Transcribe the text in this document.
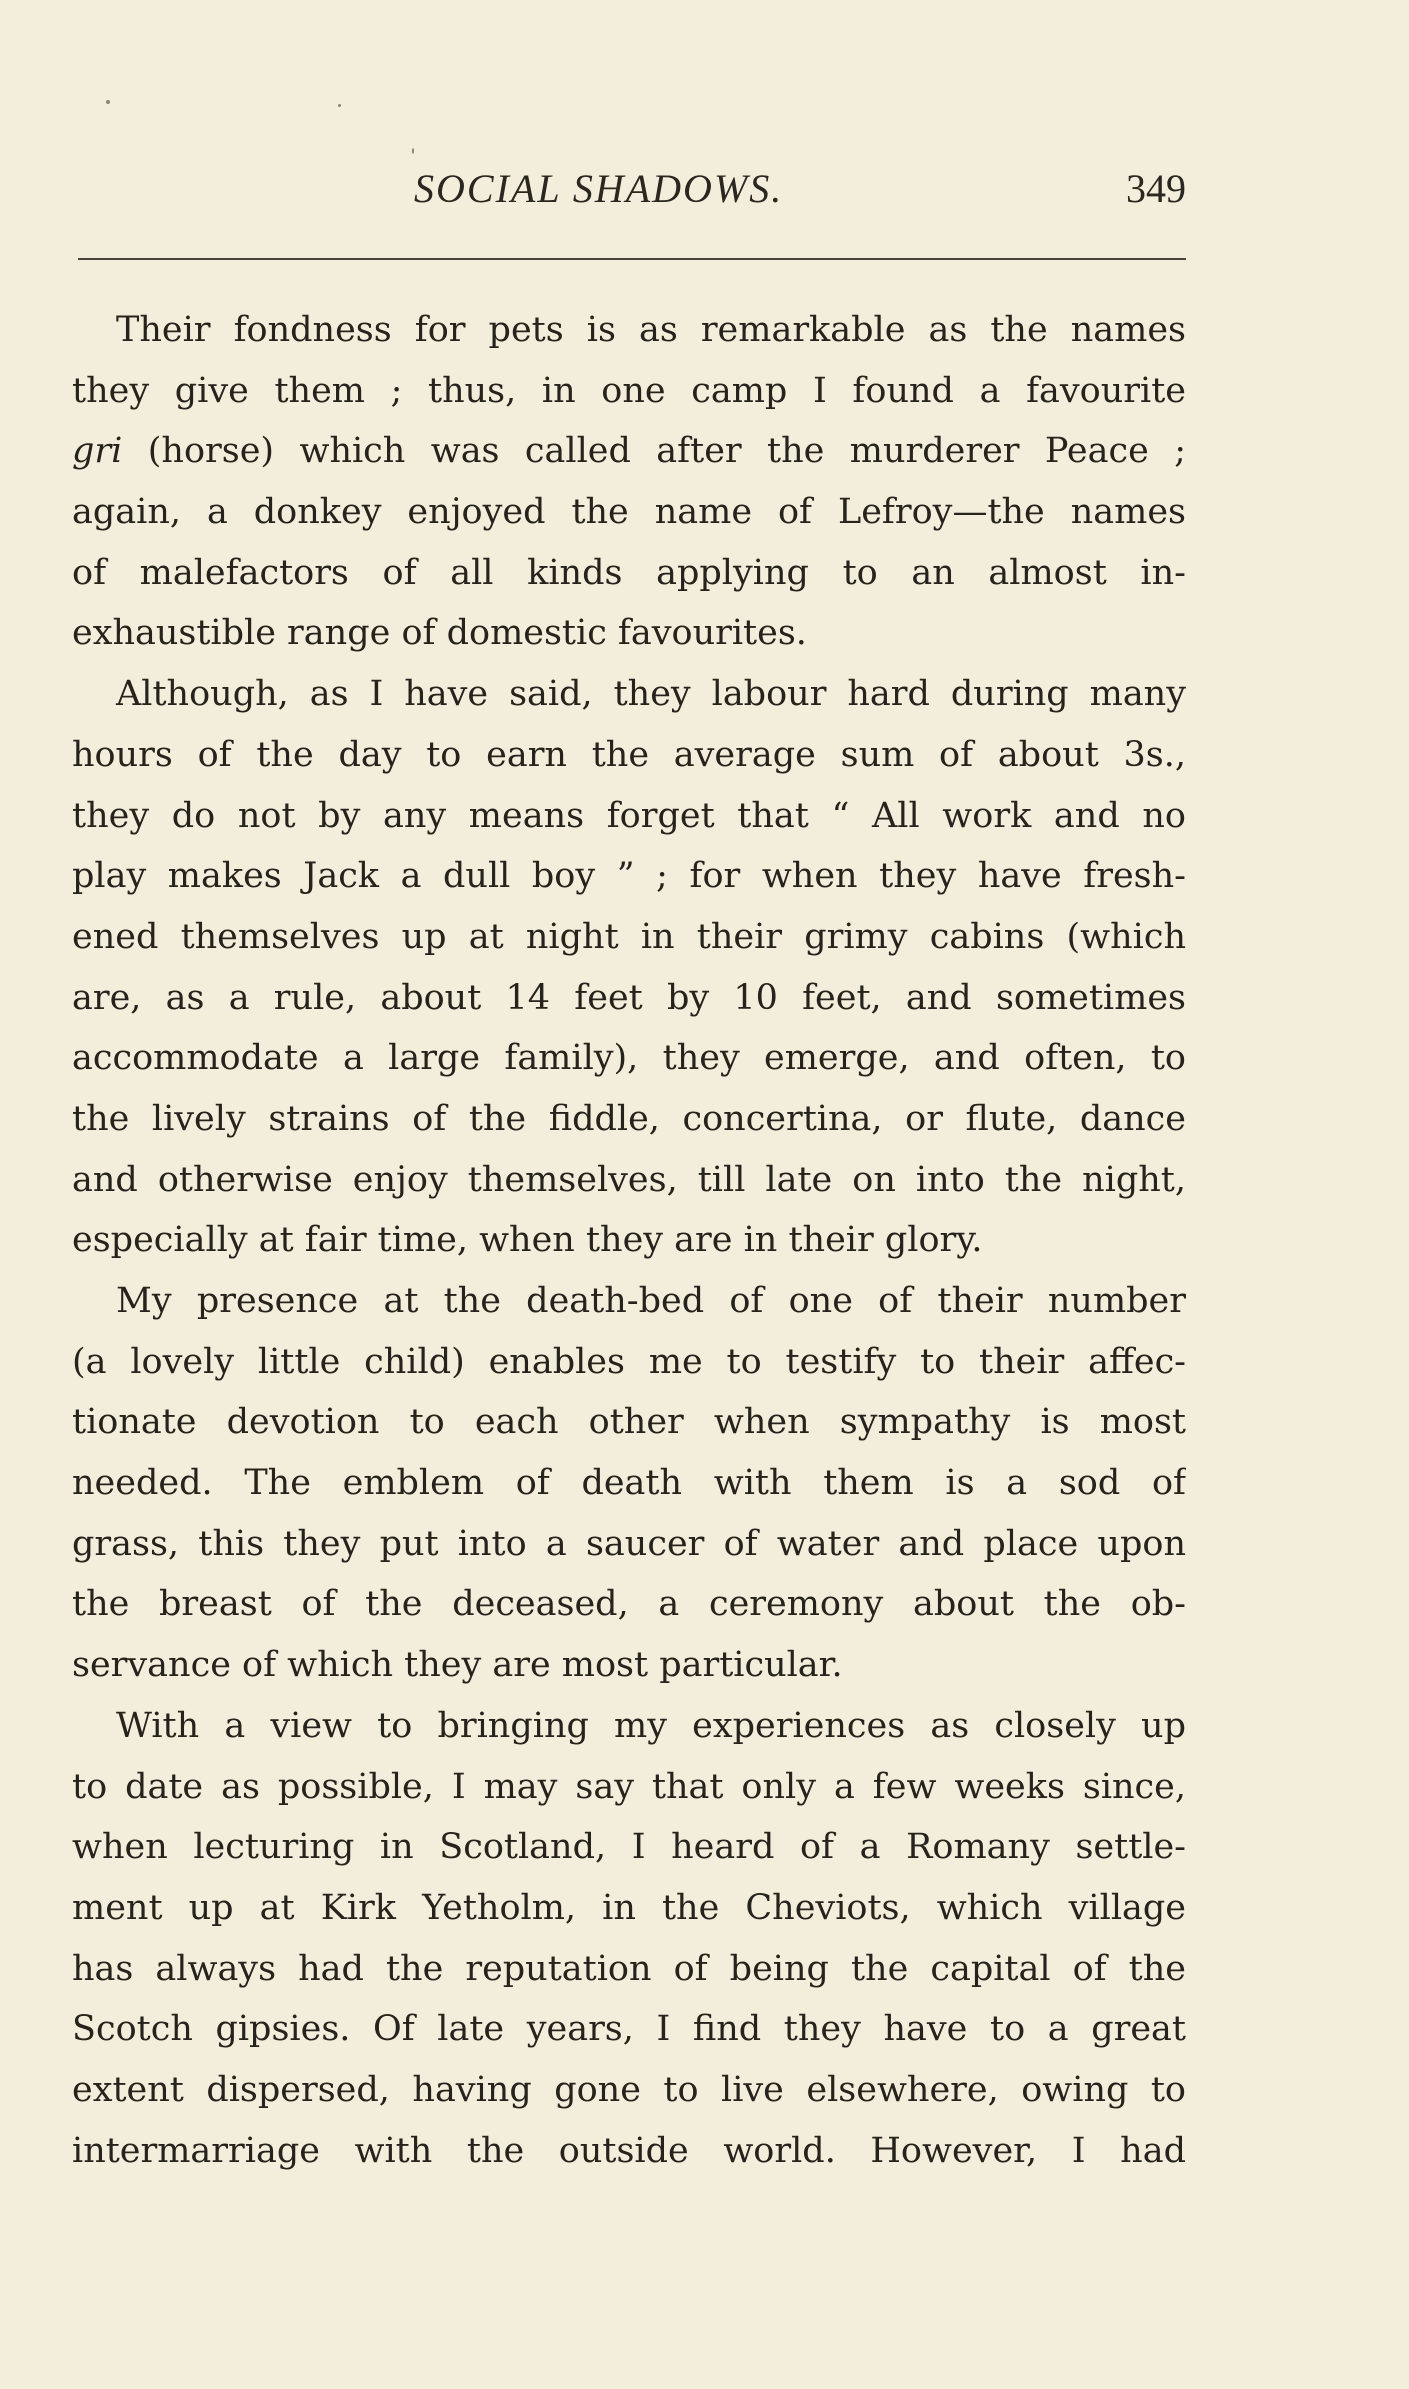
SOCIAL SHADOWS.	349
Their fondness for pets is as remarkable as the names
they give them ; thus, in one camp I found a favourite
gri (horse) which was called after the murderer Peace ;
again, a donkey enjoyed the name of Lefroy—the names
of malefactors of all kinds applying to an almost in-
exhaustible range of domestic favourites.
Although, as I have said, they labour hard during many
hours of the day to earn the average sum of about 3s.,
they do not by any means forget that “ All work and no
play makes Jack a dull boy ” ; for when they have fresh-
ened themselves up at night in their grimy cabins (which
are, as a rule, about 14 feet by 10 feet, and sometimes
accommodate a large family), they emerge, and often, to
the lively strains of the fiddle, concertina, or flute, dance
and otherwise enjoy themselves, till late on into the night,
especially at fair time, when they are in their glory.
My presence at the death-bed of one of their number
(a lovely little child) enables me to testify to their affec-
tionate devotion to each other when sympathy is most
needed. The emblem of death with them is a sod of
grass, this they put into a saucer of water and place upon
the breast of the deceased, a ceremony about the ob-
servance of which they are most particular.
With a view to bringing my experiences as closely up
to date as possible, I may say that only a few weeks since,
when lecturing in Scotland, I heard of a Romany settle-
ment up at Kirk Yetholm, in the Cheviots, which village
has always had the reputation of being the capital of the
Scotch gipsies. Of late years, I find they have to a great
extent dispersed, having gone to live elsewhere, owing to
intermarriage with the outside world. However, I had
